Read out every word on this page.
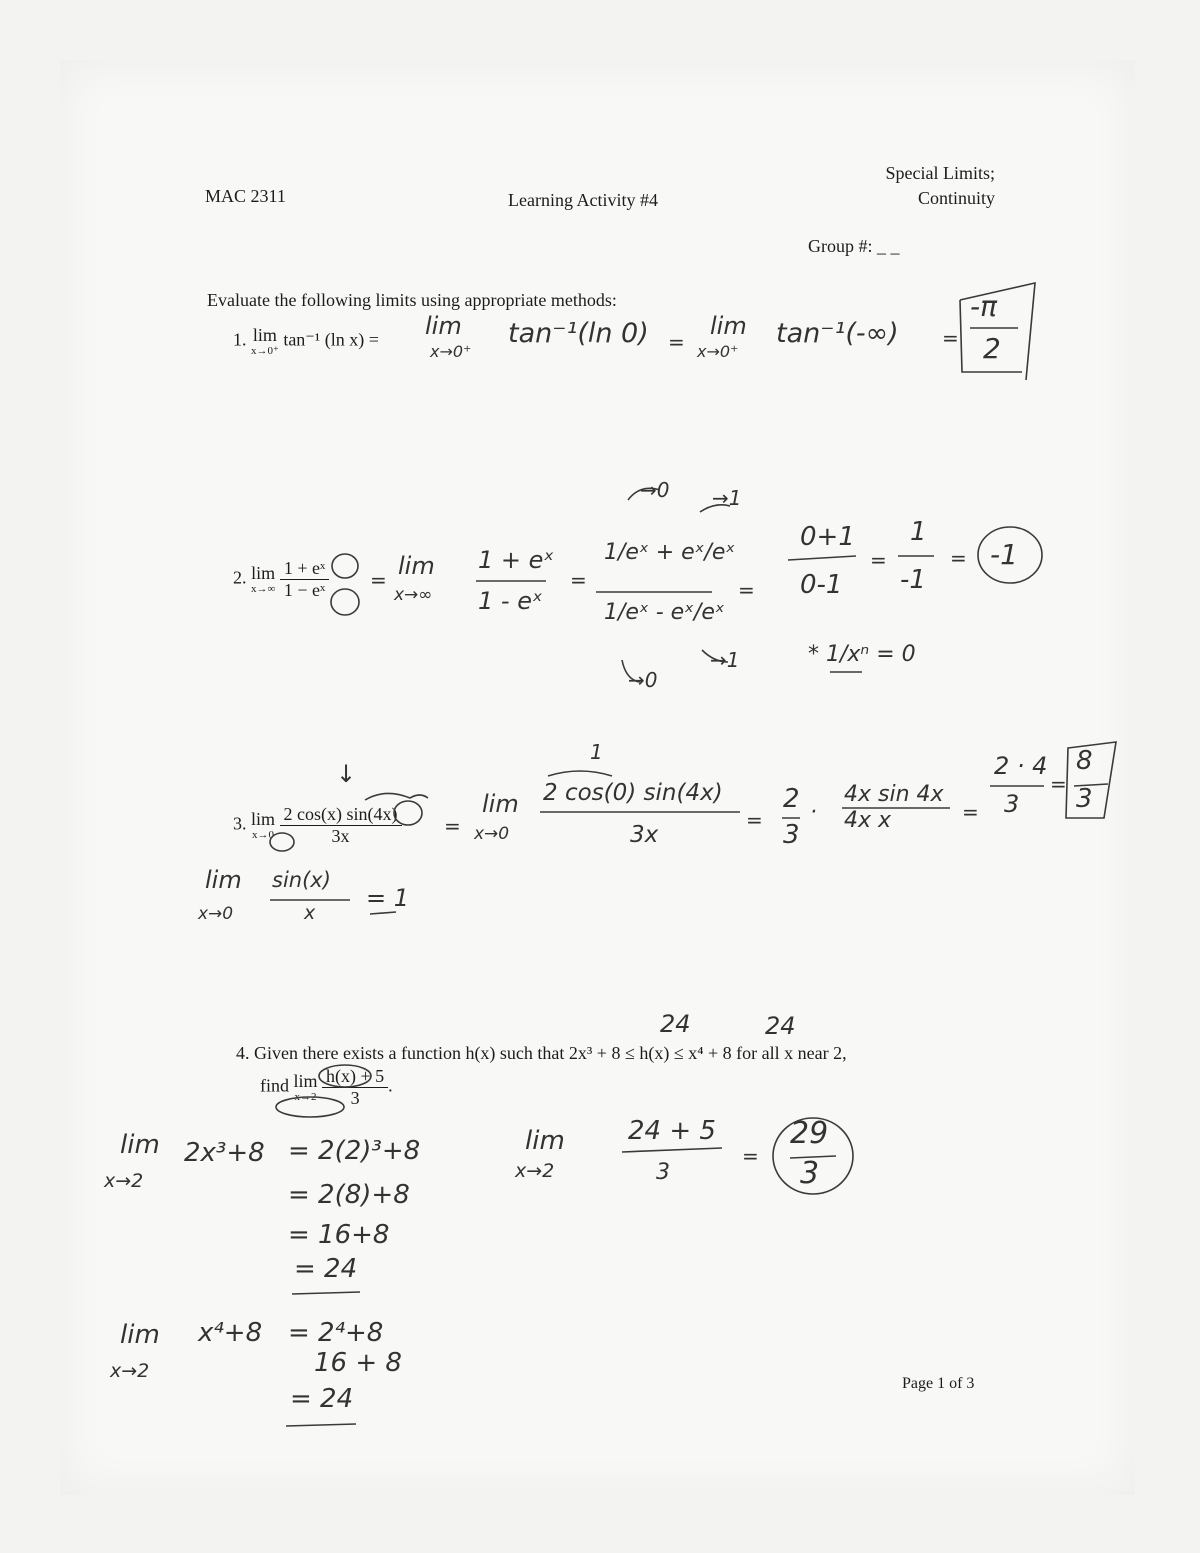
MAC 2311	Learning Activity #4
Special Limits;
Continuity
Group #: _ _
Evaluate the following limits using appropriate methods:
1. lim
x→0⁺
tan⁻¹ (ln x) = lim
x→0⁺
tan⁻¹(ln 0) =
lim
x→0⁺
tan⁻¹(-∞) =
-π
2
2. lim
x→∞
$\frac{\text{1 + eˣ}}{\text{1 − eˣ}} = \lim$
x→∞
1 + eˣ
1 - eˣ
=
1/eˣ + eˣ/eˣ
1/eˣ - eˣ/eˣ
=
0+1
0-1
=
1
-1
= -1
→0 →1
→0
→1	* 1/xⁿ = 0
3. lim
x→0
$\frac{2 \cos(x) \sin(4x)}{3x}$ =
lim
x→0
2 cos(0) sin(4x)
3x
=
2
3
·
4x sin 4x
4x x	=
2 · 4
3
=
8
3
lim
x→0
sin(x)
x
= 1
↓
1
4. Given there exists a function h(x) such that 2x³ + 8 ≤ h(x) ≤ x⁴ + 8 for all x near 2,
find lim
x→2
$\frac{h(x) + 5}{3}$ .
24	24
lim
x→2
2x³+8 = 2(2)³+8
= 2(8)+8
= 16+8
= 24
lim
x→2
x⁴+8 = 2⁴+8
16 + 8
= 24
lim
x→2
24 + 5
3
=
29
3
Page 1 of 3
